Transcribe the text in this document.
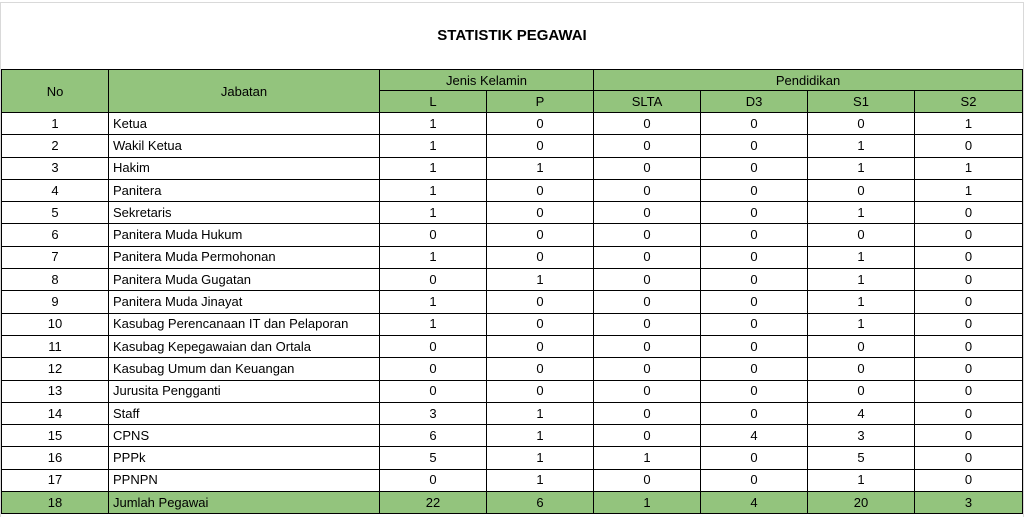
STATISTIK PEGAWAI
No	Jabatan	Jenis Kelamin		Pendidikan			
		L	P	SLTA	D3	S1	S2
1	Ketua	1	0	0	0	0	1
2	Wakil Ketua	1	0	0	0	1	0
3	Hakim	1	1	0	0	1	1
4	Panitera	1	0	0	0	0	1
5	Sekretaris	1	0	0	0	1	0
6	Panitera Muda Hukum	0	0	0	0	0	0
7	Panitera Muda Permohonan	1	0	0	0	1	0
8	Panitera Muda Gugatan	0	1	0	0	1	0
9	Panitera Muda Jinayat	1	0	0	0	1	0
10	Kasubag Perencanaan IT dan Pelaporan	1	0	0	0	1	0
11	Kasubag Kepegawaian dan Ortala	0	0	0	0	0	0
12	Kasubag Umum dan Keuangan	0	0	0	0	0	0
13	Jurusita Pengganti	0	0	0	0	0	0
14	Staff	3	1	0	0	4	0
15	CPNS	6	1	0	4	3	0
16	PPPk	5	1	1	0	5	0
17	PPNPN	0	1	0	0	1	0
18	Jumlah Pegawai	22	6	1	4	20	3
